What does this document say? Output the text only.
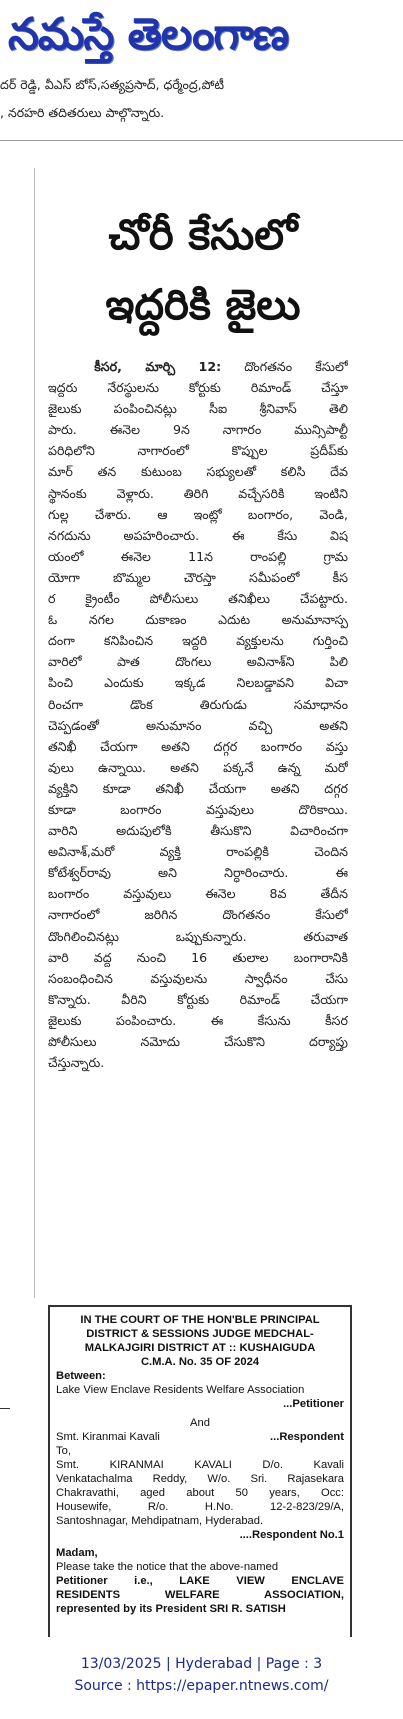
నమస్తే తెలంగాణ
దర్ రెడ్డి, వీఎస్ బోస్,సత్యప్రసాద్, ధర్మేంద్ర,పోటీ
, నరహరి తదితరులు పాల్గొన్నారు.
చోరీ కేసులో
ఇద్దరికి జైలు
కీసర, మార్చి 12: దొంగతనం కేసులో
ఇద్దరు నేరస్థులను కోర్టుకు రిమాండ్ చేస్తూ
జైలుకు పంపించినట్లు సీఐ శ్రీనివాస్ తెలి
పారు. ఈనెల 9న నాగారం మున్సిపాల్టీ
పరిధిలోని నాగారంలో కొప్పుల ప్రదీప్‌కు
మార్ తన కుటుంబ సభ్యులతో కలిసి దేవ
స్థానంకు వెళ్లారు. తిరిగి వచ్చేసరికి ఇంటిని
గుల్ల చేశారు. ఆ ఇంట్లో బంగారం, వెండి,
నగదును అపహరించారు. ఈ కేసు విష
యంలో ఈనెల 11న రాంపల్లి గ్రామ
యోగా బొమ్మల చౌరస్తా సమీపంలో కీస
ర క్రైంటీం పోలీసులు తనిఖీలు చేపట్టారు.
ఓ నగల దుకాణం ఎదుట అనుమానాస్ప
దంగా కనిపించిన ఇద్దరి వ్యక్తులను గుర్తించి
వారిలో పాత దొంగలు అవినాశ్‌ని పిలి
పించి ఎందుకు ఇక్కడ నిలబడ్డావని విచా
రించగా డొంక తిరుగుడు సమాధానం
చెప్పడంతో అనుమానం వచ్చి అతని
తనిఖీ చేయగా అతని దగ్గర బంగారం వస్తు
వులు ఉన్నాయి. అతని పక్కనే ఉన్న మరో
వ్యక్తిని కూడా తనిఖీ చేయగా అతని దగ్గర
కూడా బంగారం వస్తువులు దొరికాయి.
వారిని అదుపులోకి తీసుకొని విచారించగా
అవినాశ్,మరో వ్యక్తి రాంపల్లికి చెందిన
కోటేశ్వర్‌రావు అని నిర్ధారించారు. ఈ
బంగారం వస్తువులు ఈనెల 8వ తేదీన
నాగారంలో జరిగిన దొంగతనం కేసులో
దొంగిలించినట్లు ఒప్పుకున్నారు. తరువాత
వారి వద్ద నుంచి 16 తులాల బంగారానికి
సంబంధించిన వస్తువులను స్వాధీనం చేసు
కొన్నారు. వీరిని కోర్టుకు రిమాండ్ చేయగా
జైలుకు పంపించారు. ఈ కేసును కీసర
పోలీసులు నమోదు చేసుకొని దర్యాప్తు
చేస్తున్నారు.
IN THE COURT OF THE HON'BLE PRINCIPAL
DISTRICT & SESSIONS JUDGE MEDCHAL-
MALKAJGIRI DISTRICT AT :: KUSHAIGUDA
C.M.A. No. 35 OF 2024
Between:
Lake View Enclave Residents Welfare Association
...Petitioner
And
Smt. Kiranmai Kavali	...Respondent
To,
Smt. KIRANMAI KAVALI D/o. Kavali
Venkatachalma Reddy, W/o. Sri. Rajasekara
Chakravathi, aged about 50 years, Occ:
Housewife, R/o. H.No. 12-2-823/29/A,
Santoshnagar, Mehdipatnam, Hyderabad.
....Respondent No.1
Madam,
Please take the notice that the above-named
Petitioner i.e., LAKE VIEW ENCLAVE
RESIDENTS WELFARE ASSOCIATION,
represented by its President SRI R. SATISH
13/03/2025 | Hyderabad | Page : 3
Source : https://epaper.ntnews.com/
